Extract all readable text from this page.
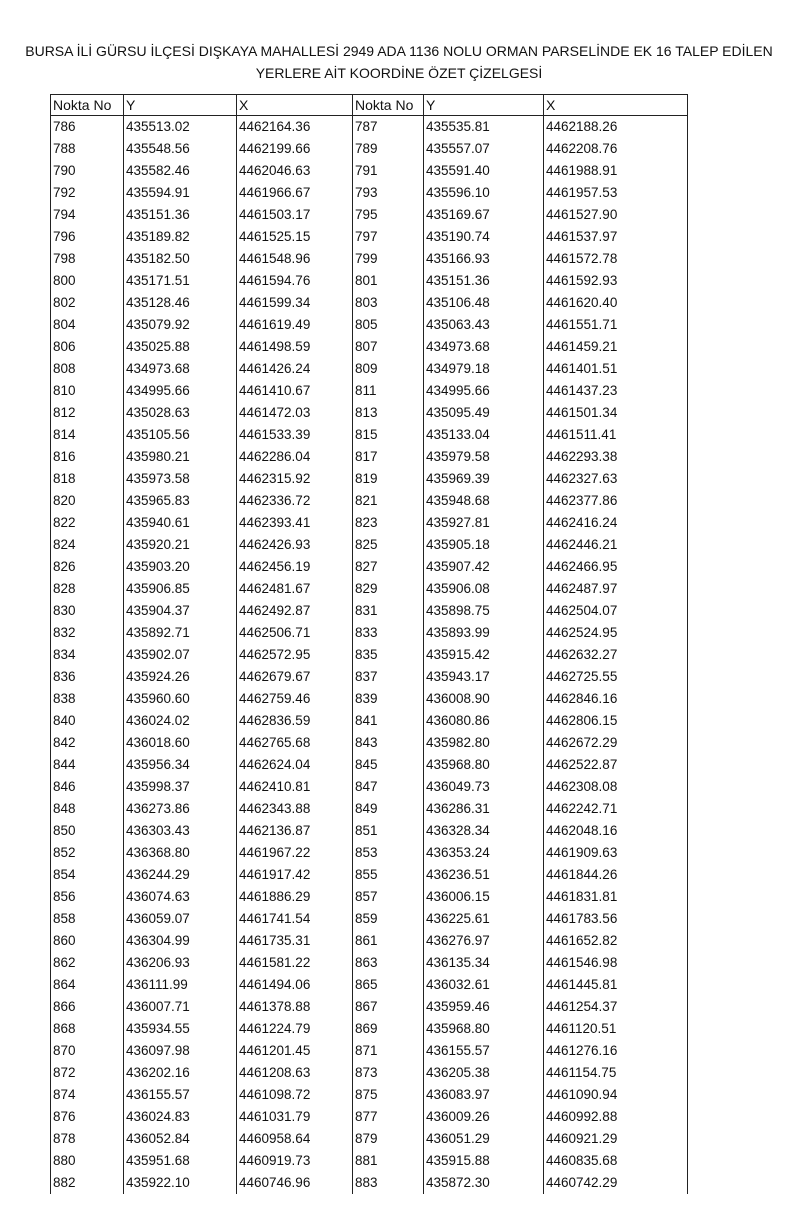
BURSA İLİ GÜRSU İLÇESİ DIŞKAYA MAHALLESİ 2949 ADA 1136 NOLU ORMAN PARSELİNDE EK 16 TALEP EDİLEN
YERLERE AİT KOORDİNE ÖZET ÇİZELGESİ
Nokta No	Y	X	Nokta No	Y	X
786	435513.02	4462164.36	787	435535.81	4462188.26
788	435548.56	4462199.66	789	435557.07	4462208.76
790	435582.46	4462046.63	791	435591.40	4461988.91
792	435594.91	4461966.67	793	435596.10	4461957.53
794	435151.36	4461503.17	795	435169.67	4461527.90
796	435189.82	4461525.15	797	435190.74	4461537.97
798	435182.50	4461548.96	799	435166.93	4461572.78
800	435171.51	4461594.76	801	435151.36	4461592.93
802	435128.46	4461599.34	803	435106.48	4461620.40
804	435079.92	4461619.49	805	435063.43	4461551.71
806	435025.88	4461498.59	807	434973.68	4461459.21
808	434973.68	4461426.24	809	434979.18	4461401.51
810	434995.66	4461410.67	811	434995.66	4461437.23
812	435028.63	4461472.03	813	435095.49	4461501.34
814	435105.56	4461533.39	815	435133.04	4461511.41
816	435980.21	4462286.04	817	435979.58	4462293.38
818	435973.58	4462315.92	819	435969.39	4462327.63
820	435965.83	4462336.72	821	435948.68	4462377.86
822	435940.61	4462393.41	823	435927.81	4462416.24
824	435920.21	4462426.93	825	435905.18	4462446.21
826	435903.20	4462456.19	827	435907.42	4462466.95
828	435906.85	4462481.67	829	435906.08	4462487.97
830	435904.37	4462492.87	831	435898.75	4462504.07
832	435892.71	4462506.71	833	435893.99	4462524.95
834	435902.07	4462572.95	835	435915.42	4462632.27
836	435924.26	4462679.67	837	435943.17	4462725.55
838	435960.60	4462759.46	839	436008.90	4462846.16
840	436024.02	4462836.59	841	436080.86	4462806.15
842	436018.60	4462765.68	843	435982.80	4462672.29
844	435956.34	4462624.04	845	435968.80	4462522.87
846	435998.37	4462410.81	847	436049.73	4462308.08
848	436273.86	4462343.88	849	436286.31	4462242.71
850	436303.43	4462136.87	851	436328.34	4462048.16
852	436368.80	4461967.22	853	436353.24	4461909.63
854	436244.29	4461917.42	855	436236.51	4461844.26
856	436074.63	4461886.29	857	436006.15	4461831.81
858	436059.07	4461741.54	859	436225.61	4461783.56
860	436304.99	4461735.31	861	436276.97	4461652.82
862	436206.93	4461581.22	863	436135.34	4461546.98
864	436111.99	4461494.06	865	436032.61	4461445.81
866	436007.71	4461378.88	867	435959.46	4461254.37
868	435934.55	4461224.79	869	435968.80	4461120.51
870	436097.98	4461201.45	871	436155.57	4461276.16
872	436202.16	4461208.63	873	436205.38	4461154.75
874	436155.57	4461098.72	875	436083.97	4461090.94
876	436024.83	4461031.79	877	436009.26	4460992.88
878	436052.84	4460958.64	879	436051.29	4460921.29
880	435951.68	4460919.73	881	435915.88	4460835.68
882	435922.10	4460746.96	883	435872.30	4460742.29
